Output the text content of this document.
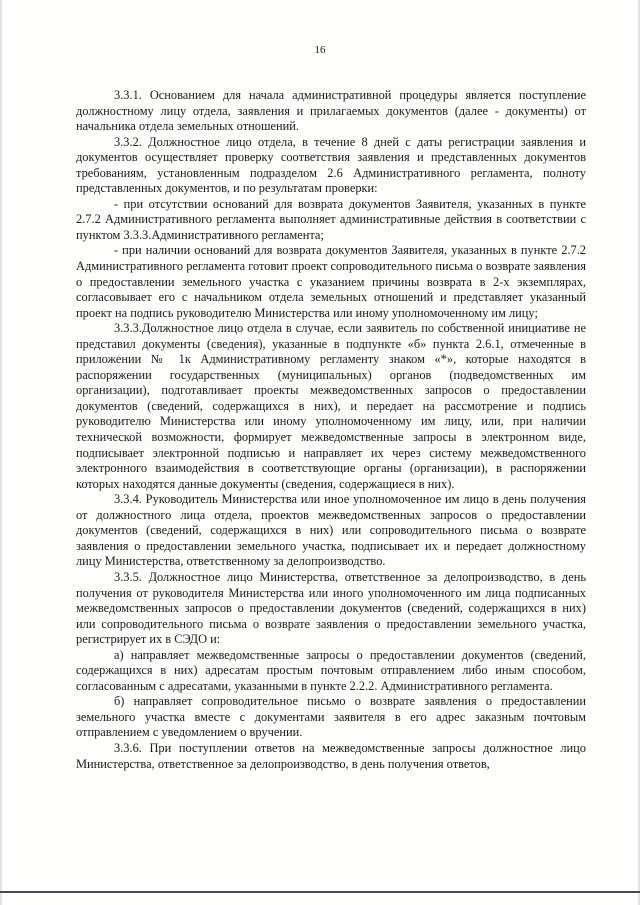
16

3.3.1. Основанием для начала административной процедуры является поступление должностному лицу отдела, заявления и прилагаемых документов (далее - документы) от начальника отдела земельных отношений.

3.3.2. Должностное лицо отдела, в течение 8 дней с даты регистрации заявления и документов осуществляет проверку соответствия заявления и представленных документов требованиям, установленным подразделом 2.6 Административного регламента, полноту представленных документов, и по результатам проверки:

- при отсутствии оснований для возврата документов Заявителя, указанных в пункте 2.7.2 Административного регламента выполняет административные действия в соответствии с пунктом 3.3.3.Административного регламента;

- при наличии оснований для возврата документов Заявителя, указанных в пункте 2.7.2 Административного регламента готовит проект сопроводительного письма о возврате заявления о предоставлении земельного участка с указанием причины возврата в 2-х экземплярах, согласовывает его с начальником отдела земельных отношений и представляет указанный проект на подпись руководителю Министерства или иному уполномоченному им лицу;

3.3.3.Должностное лицо отдела в случае, если заявитель по собственной инициативе не представил документы (сведения), указанные в подпункте «б» пункта 2.6.1, отмеченные в приложении № 1к Административному регламенту знаком «*», которые находятся в распоряжении государственных (муниципальных) органов (подведомственных им организации), подготавливает проекты межведомственных запросов о предоставлении документов (сведений, содержащихся в них), и передает на рассмотрение и подпись руководителю Министерства или иному уполномоченному им лицу, или, при наличии технической возможности, формирует межведомственные запросы в электронном виде, подписывает электронной подписью и направляет их через систему межведомственного электронного взаимодействия в соответствующие органы (организации), в распоряжении которых находятся данные документы (сведения, содержащиеся в них).

3.3.4. Руководитель Министерства или иное уполномоченное им лицо в день получения от должностного лица отдела, проектов межведомственных запросов о предоставлении документов (сведений, содержащихся в них) или сопроводительного письма о возврате заявления о предоставлении земельного участка, подписывает их и передает должностному лицу Министерства, ответственному за делопроизводство.

3.3.5. Должностное лицо Министерства, ответственное за делопроизводство, в день получения от руководителя Министерства или иного уполномоченного им лица подписанных межведомственных запросов о предоставлении документов (сведений, содержащихся в них) или сопроводительного письма о возврате заявления о предоставлении земельного участка, регистрирует их в СЭДО и:

а) направляет межведомственные запросы о предоставлении документов (сведений, содержащихся в них) адресатам простым почтовым отправлением либо иным способом, согласованным с адресатами, указанными в пункте 2.2.2. Административного регламента.

б) направляет сопроводительное письмо о возврате заявления о предоставлении земельного участка вместе с документами заявителя в его адрес заказным почтовым отправлением с уведомлением о вручении.

3.3.6. При поступлении ответов на межведомственные запросы должностное лицо Министерства, ответственное за делопроизводство, в день получения ответов,
